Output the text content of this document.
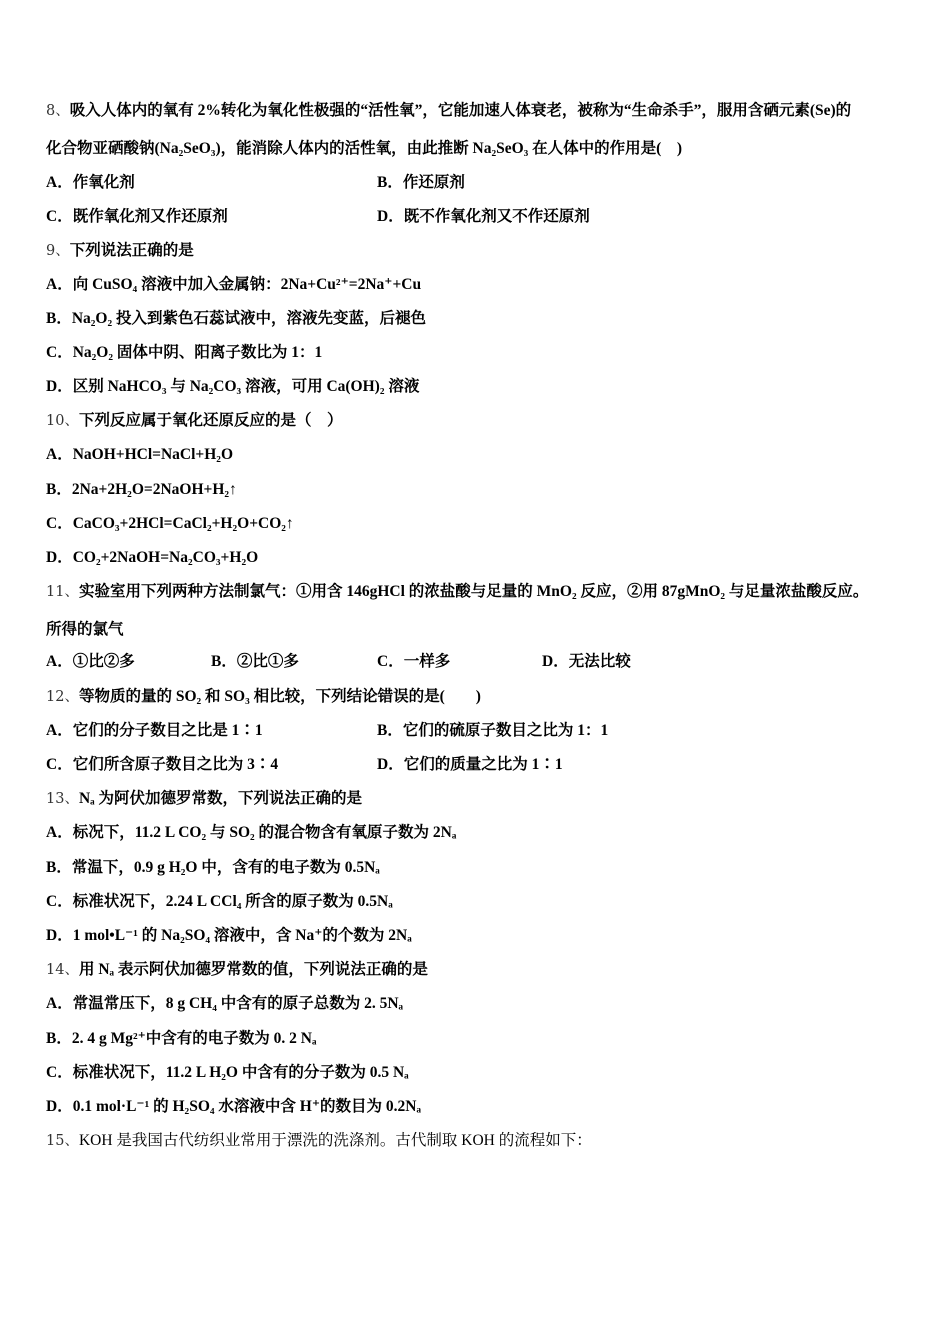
8、吸入人体内的氧有 2%转化为氧化性极强的“活性氧”，它能加速人体衰老，被称为“生命杀手”，服用含硒元素(Se)的
化合物亚硒酸钠(Na₂SeO₃)，能消除人体内的活性氧，由此推断 Na₂SeO₃ 在人体中的作用是(　)
A．作氧化剂	B．作还原剂
C．既作氧化剂又作还原剂	D．既不作氧化剂又不作还原剂
9、下列说法正确的是
A．向 CuSO₄ 溶液中加入金属钠：2Na+Cu²⁺=2Na⁺+Cu
B．Na₂O₂ 投入到紫色石蕊试液中，溶液先变蓝，后褪色
C．Na₂O₂ 固体中阴、阳离子数比为 1：1
D．区别 NaHCO₃ 与 Na₂CO₃ 溶液，可用 Ca(OH)₂ 溶液
10、下列反应属于氧化还原反应的是（　）
A．NaOH+HCl=NaCl+H₂O
B．2Na+2H₂O=2NaOH+H₂↑
C．CaCO₃+2HCl=CaCl₂+H₂O+CO₂↑
D．CO₂+2NaOH=Na₂CO₃+H₂O
11、实验室用下列两种方法制氯气：①用含 146gHCl 的浓盐酸与足量的 MnO₂ 反应，②用 87gMnO₂ 与足量浓盐酸反应。
所得的氯气
A．①比②多	B．②比①多	C．一样多	D．无法比较
12、等物质的量的 SO₂ 和 SO₃ 相比较，下列结论错误的是(　　)
A．它们的分子数目之比是 1∶1	B．它们的硫原子数目之比为 1：1
C．它们所含原子数目之比为 3∶4	D．它们的质量之比为 1∶1
13、Nₐ 为阿伏加德罗常数，下列说法正确的是
A．标况下，11.2 L CO₂ 与 SO₂ 的混合物含有氧原子数为 2Nₐ
B．常温下，0.9 g H₂O 中，含有的电子数为 0.5Nₐ
C．标准状况下，2.24 L CCl₄ 所含的原子数为 0.5Nₐ
D．1 mol•L⁻¹ 的 Na₂SO₄ 溶液中，含 Na⁺的个数为 2Nₐ
14、用 Nₐ 表示阿伏加德罗常数的值，下列说法正确的是
A．常温常压下，8 g CH₄ 中含有的原子总数为 2. 5Nₐ
B．2. 4 g Mg²⁺中含有的电子数为 0. 2 Nₐ
C．标准状况下，11.2 L H₂O 中含有的分子数为 0.5 Nₐ
D．0.1 mol·L⁻¹ 的 H₂SO₄ 水溶液中含 H⁺的数目为 0.2Nₐ
15、KOH 是我国古代纺织业常用于漂洗的洗涤剂。古代制取 KOH 的流程如下：
